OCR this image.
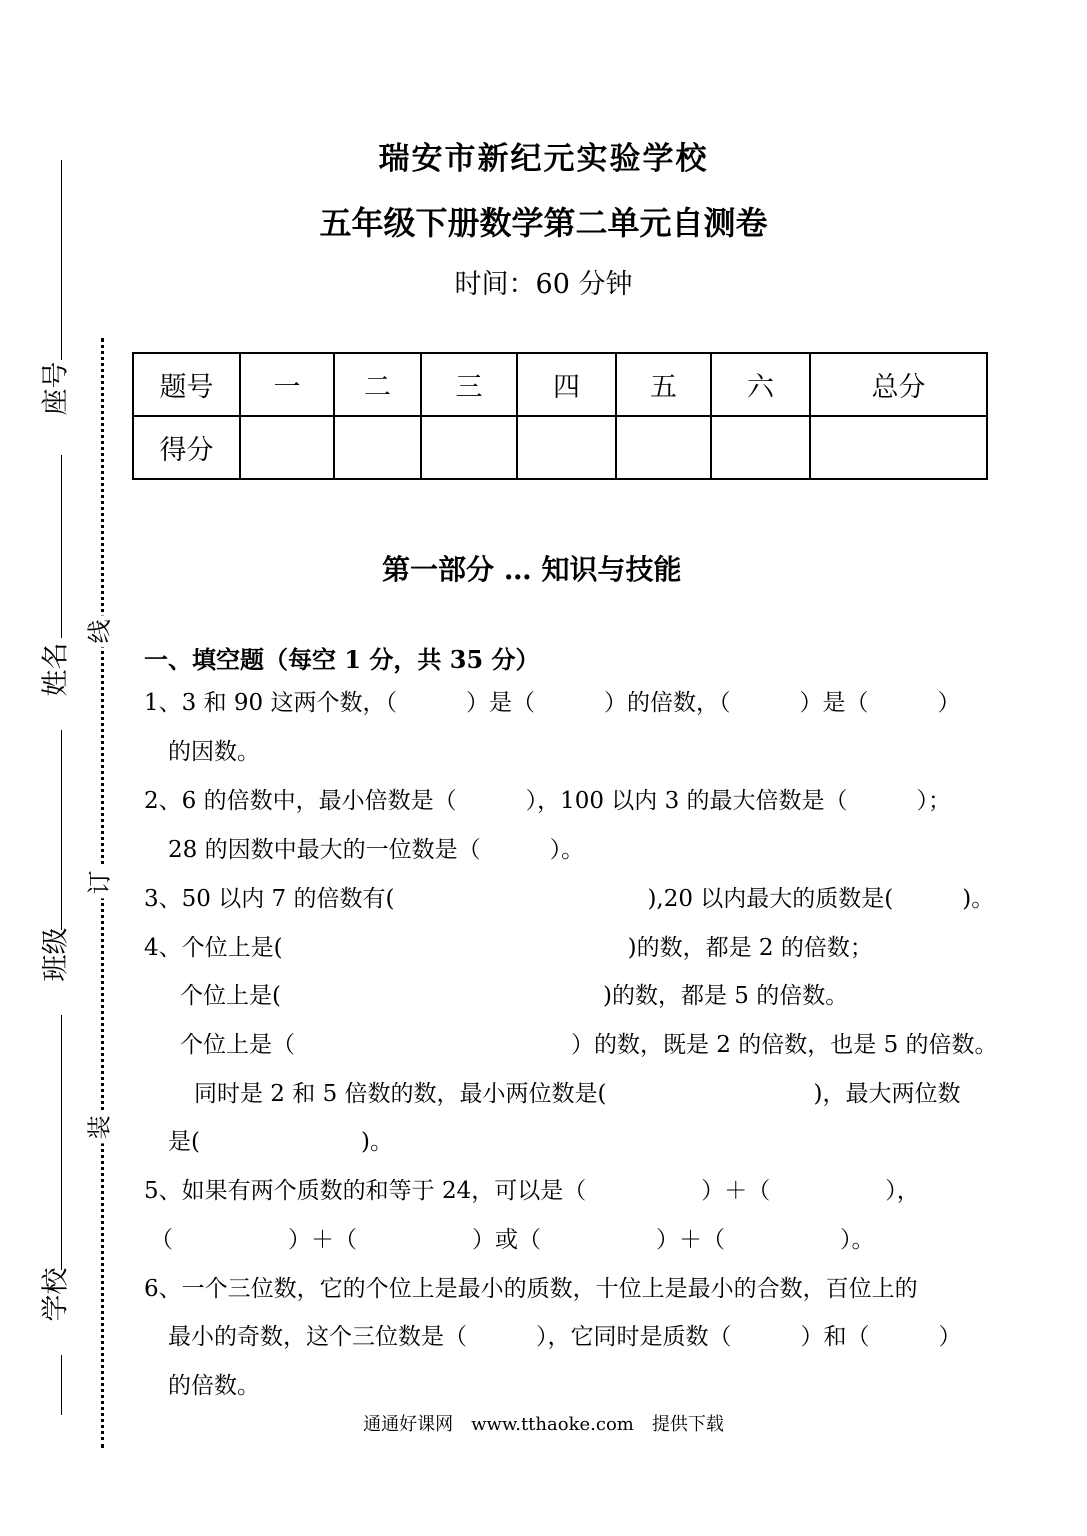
座号
姓名
班级
学校
线
订
装
瑞安市新纪元实验学校
五年级下册数学第二单元自测卷
时间：60 分钟
题号	一	二	三	四	五	六	总分
得分							
第一部分 … 知识与技能
一、填空题（每空 1 分，共 35 分）
1、3 和 90 这两个数，（　　　）是（　　　）的倍数，（　　　）是（　　　）
的因数。
2、6 的倍数中，最小倍数是（　　　），100 以内 3 的最大倍数是（　　　）；
28 的因数中最大的一位数是（　　　）。
3、50 以内 7 的倍数有(　　　　　　　　　　　),20 以内最大的质数是(　　　)。
4、个位上是(　　　　　　　　　　　　　　　)的数，都是 2 的倍数；
个位上是(　　　　　　　　　　　　　　)的数，都是 5 的倍数。
个位上是（　　　　　　　　　　　　）的数，既是 2 的倍数，也是 5 的倍数。
同时是 2 和 5 倍数的数，最小两位数是(　　　　　　　　　)，最大两位数
是(　　　　　　　)。
5、如果有两个质数的和等于 24，可以是（　　　　　）＋（　　　　　），
（　　　　　）＋（　　　　　）或（　　　　　）＋（　　　　　）。
6、一个三位数，它的个位上是最小的质数，十位上是最小的合数，百位上的
最小的奇数，这个三位数是（　　　），它同时是质数（　　　）和（　　　）
的倍数。
通通好课网　www.tthaoke.com　提供下载
